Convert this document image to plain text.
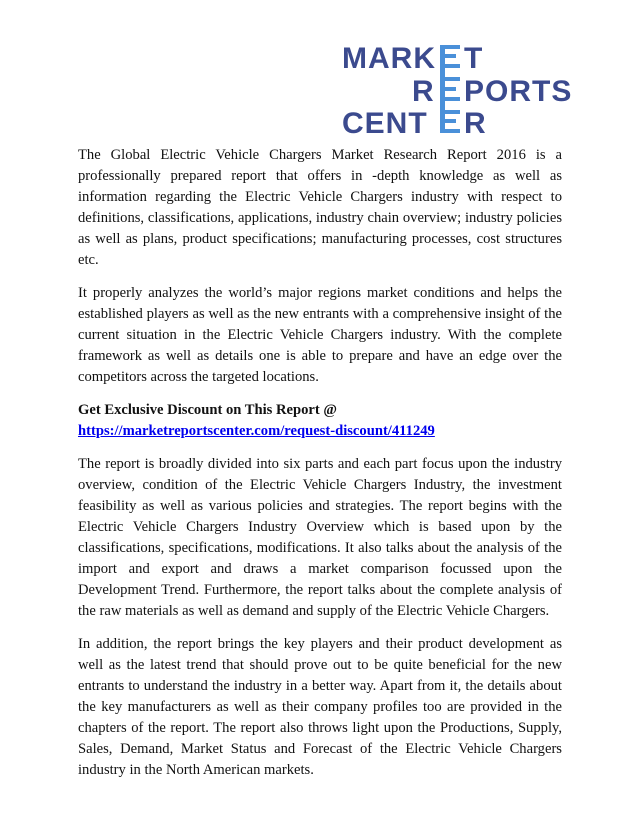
MARK T
R PORTS
CENT R

The Global Electric Vehicle Chargers Market Research Report 2016 is a professionally prepared report that offers in -depth knowledge as well as information regarding the Electric Vehicle Chargers industry with respect to definitions, classifications, applications, industry chain overview; industry policies as well as plans, product specifications; manufacturing processes, cost structures etc.

It properly analyzes the world’s major regions market conditions and helps the established players as well as the new entrants with a comprehensive insight of the current situation in the Electric Vehicle Chargers industry. With the complete framework as well as details one is able to prepare and have an edge over the competitors across the targeted locations.

Get Exclusive Discount on This Report @
https://marketreportscenter.com/request-discount/411249

The report is broadly divided into six parts and each part focus upon the industry overview, condition of the Electric Vehicle Chargers Industry, the investment feasibility as well as various policies and strategies. The report begins with the Electric Vehicle Chargers Industry Overview which is based upon by the classifications, specifications, modifications. It also talks about the analysis of the import and export and draws a market comparison focussed upon the Development Trend. Furthermore, the report talks about the complete analysis of the raw materials as well as demand and supply of the Electric Vehicle Chargers.

In addition, the report brings the key players and their product development as well as the latest trend that should prove out to be quite beneficial for the new entrants to understand the industry in a better way. Apart from it, the details about the key manufacturers as well as their company profiles too are provided in the chapters of the report. The report also throws light upon the Productions, Supply, Sales, Demand, Market Status and Forecast of the Electric Vehicle Chargers industry in the North American markets.
